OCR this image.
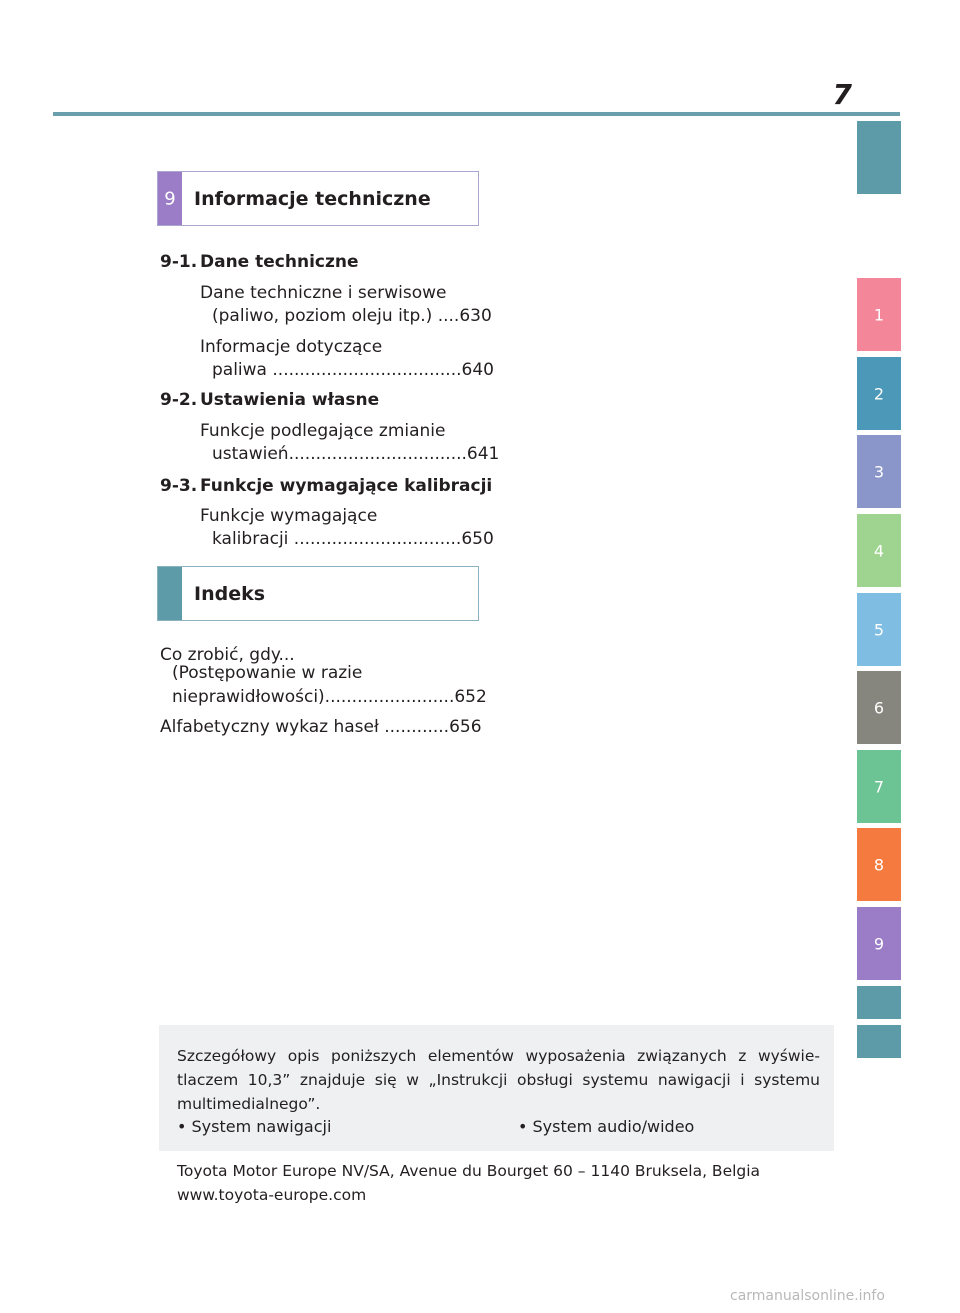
7
1
2
3
4
5
6
7
8
9
9 Informacje techniczne
9-1. Dane techniczne
Dane techniczne i serwisowe
(paliwo, poziom oleju itp.) ....630
Informacje dotyczące
paliwa ...................................640
9-2. Ustawienia własne
Funkcje podlegające zmianie
ustawień.................................641
9-3. Funkcje wymagające kalibracji
Funkcje wymagające
kalibracji ...............................650
Indeks
Co zrobić, gdy...
(Postępowanie w razie
nieprawidłowości)........................652
Alfabetyczny wykaz haseł ............656
Szczegółowy opis poniższych elementów wyposażenia związanych z wyświe-tlaczem 10,3” znajduje się w „Instrukcji obsługi systemu nawigacji i systemu multimedialnego”.
• System nawigacji	• System audio/wideo
Toyota Motor Europe NV/SA, Avenue du Bourget 60 – 1140 Bruksela, Belgia
www.toyota-europe.com
carmanualsonline.info
